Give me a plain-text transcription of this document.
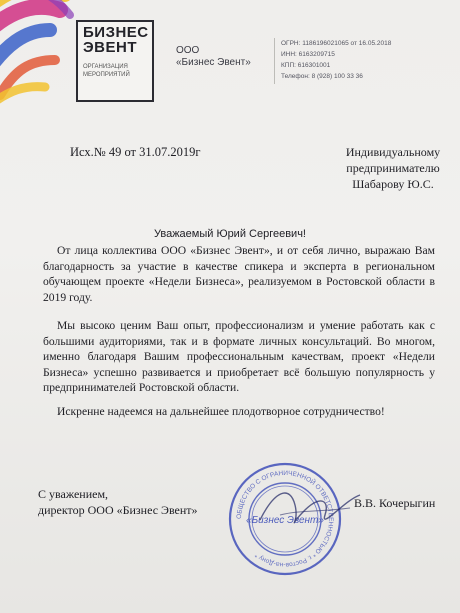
БИЗНЕС
ЭВЕНТ
ОРГАНИЗАЦИЯ
МЕРОПРИЯТИЙ
ООО
«Бизнес Эвент»
ОГРН: 1186196021065 от 16.05.2018
ИНН: 6163209715
КПП: 616301001
Телефон: 8 (928) 100 33 36
Исх.№ 49 от 31.07.2019г	Индивидуальному
предпринимателю
Шабарову Ю.С.
Уважаемый Юрий Сергеевич!

От лица коллектива ООО «Бизнес Эвент», и от себя лично, выражаю Вам благодарность за участие в качестве спикера и эксперта в региональном обучающем проекте «Недели Бизнеса», реализуемом в Ростовской области в 2019 году.

Мы высоко ценим Ваш опыт, профессионализм и умение работать как с большими аудиториями, так и в формате личных консультаций. Во многом, именно благодаря Вашим профессиональным качествам, проект «Недели Бизнеса» успешно развивается и приобретает всё большую популярность у предпринимателей Ростовской области.

Искренне надеемся на дальнейшее плодотворное сотрудничество!

С уважением,
директор ООО «Бизнес Эвент»	ОБЩЕСТВО С ОГРАНИЧЕННОЙ ОТВЕТСТВЕННОСТЬЮ * г. Ростов-на-Дону *
«Бизнес Эвент»
В.В. Кочерыгин
